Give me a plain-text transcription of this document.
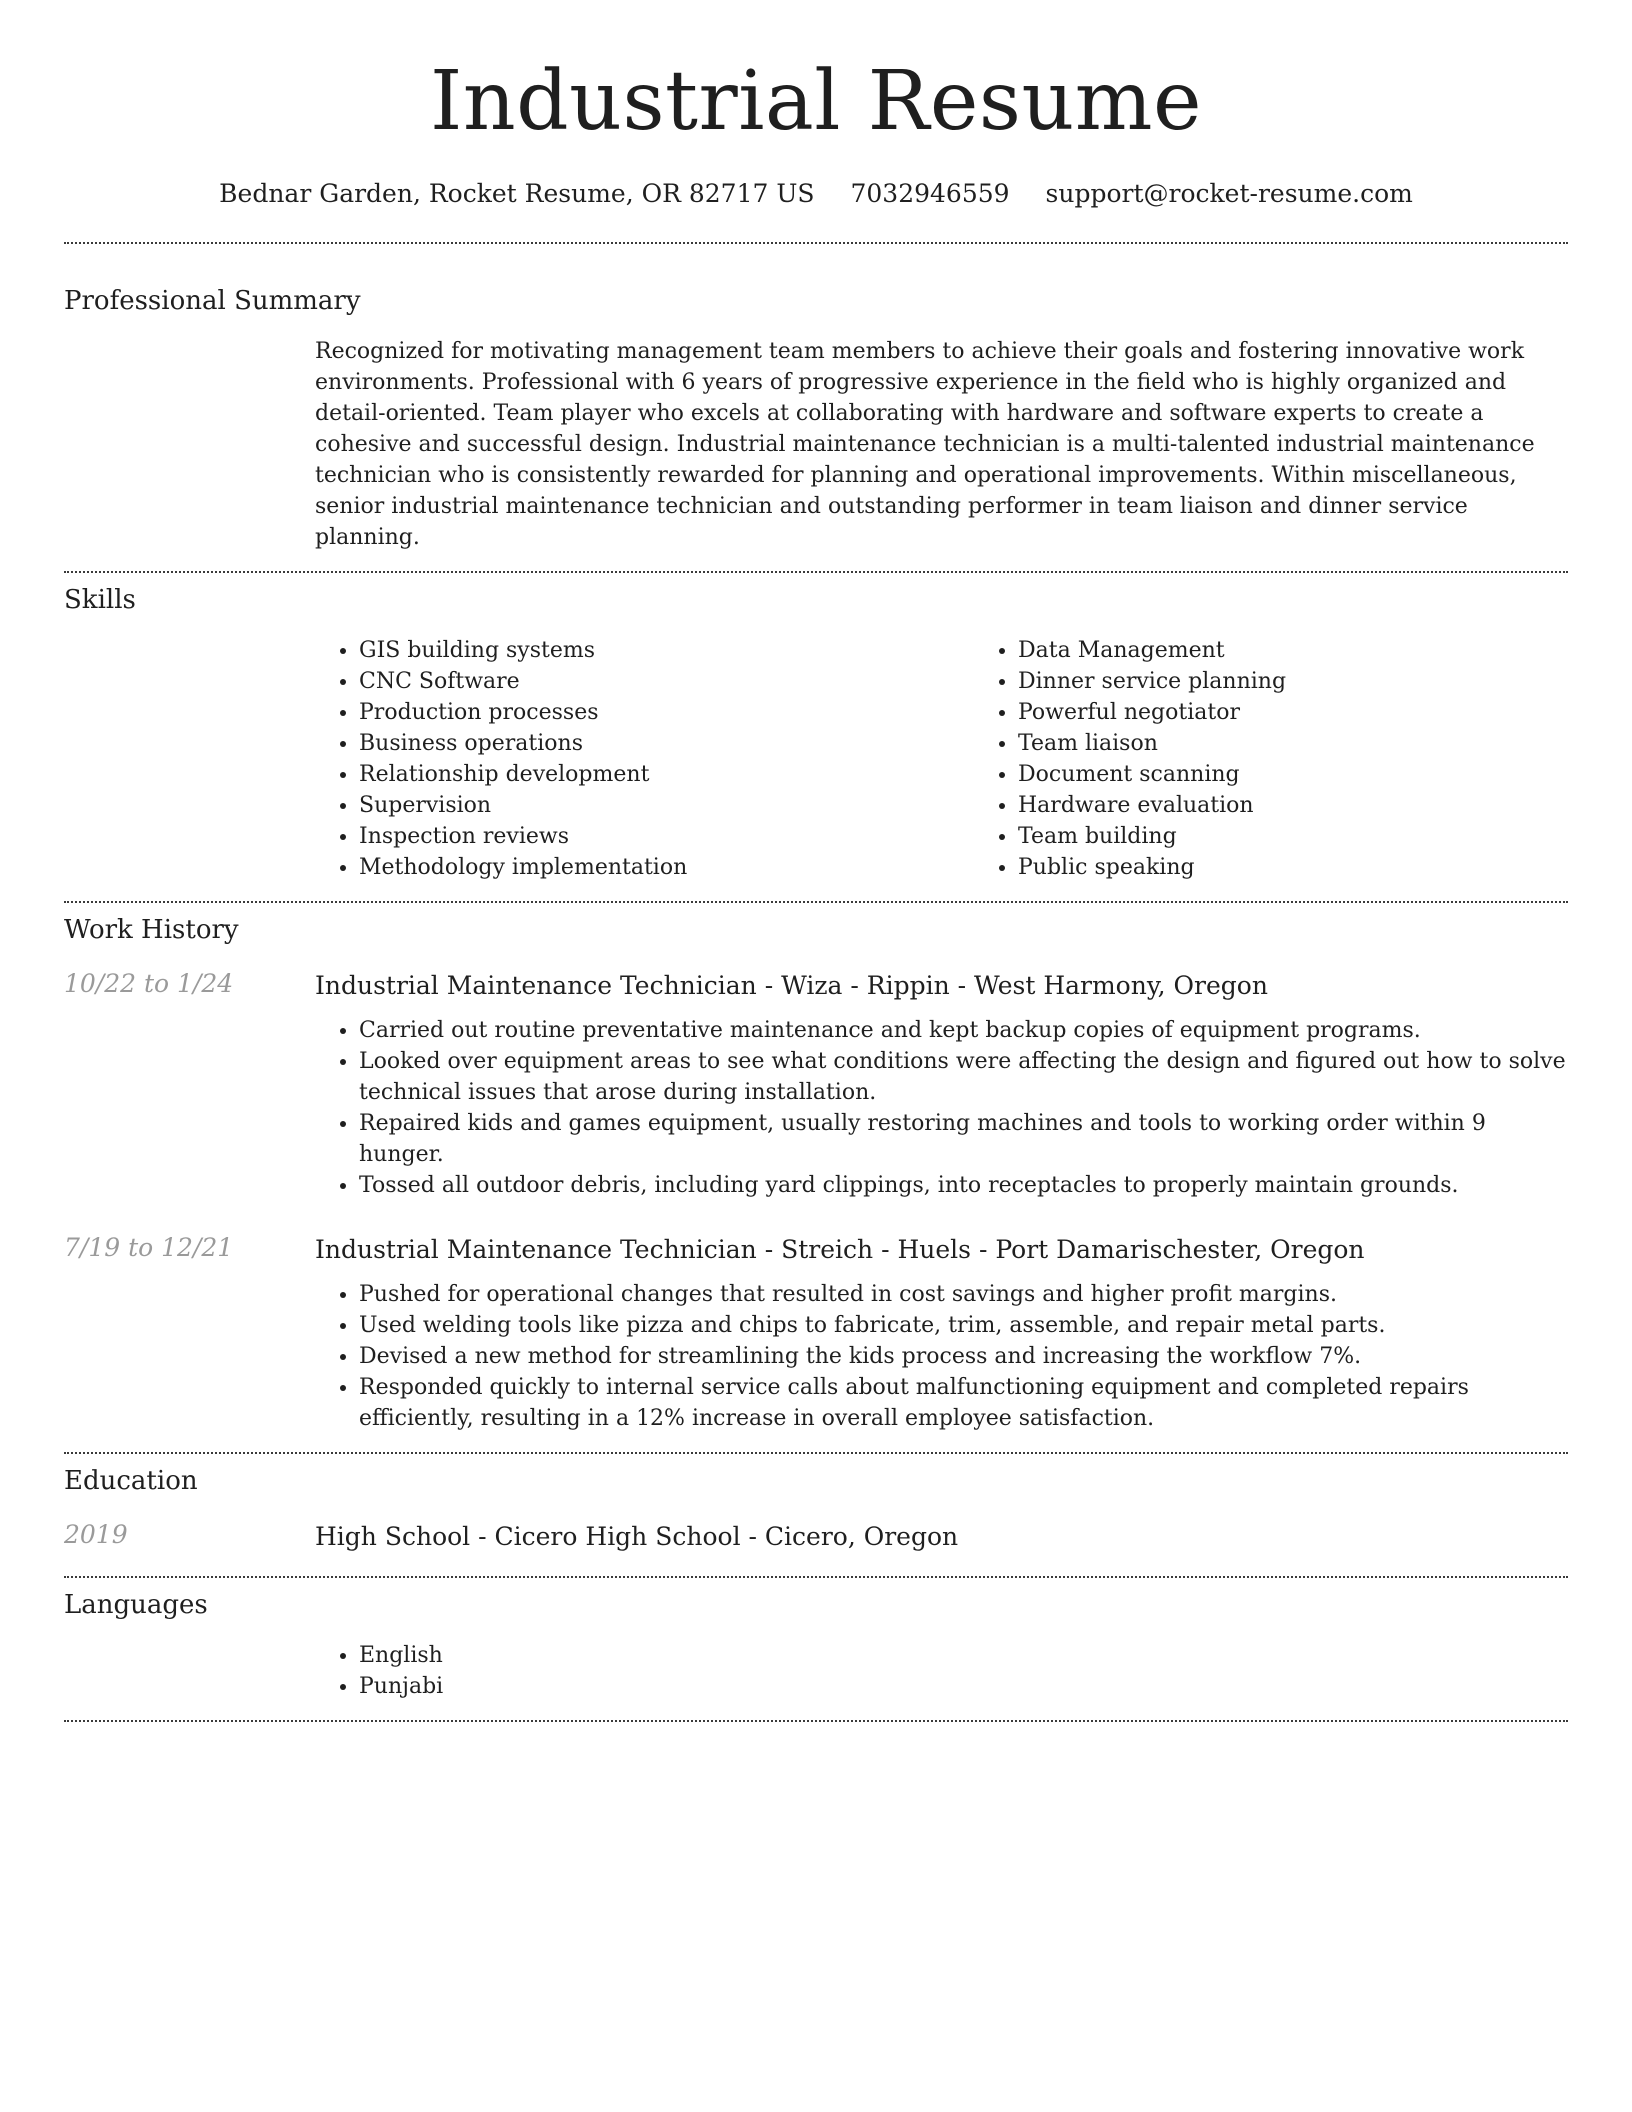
Industrial Resume
Bednar Garden, Rocket Resume, OR 82717 US 7032946559 support@rocket-resume.com
Professional Summary
Recognized for motivating management team members to achieve their goals and fostering innovative work environments. Professional with 6 years of progressive experience in the field who is highly organized and detail-oriented. Team player who excels at collaborating with hardware and software experts to create a cohesive and successful design. Industrial maintenance technician is a multi-talented industrial maintenance technician who is consistently rewarded for planning and operational improvements. Within miscellaneous, senior industrial maintenance technician and outstanding performer in team liaison and dinner service planning.
Skills
• GIS building systems
• CNC Software
• Production processes
• Business operations
• Relationship development
• Supervision
• Inspection reviews
• Methodology implementation
• Data Management
• Dinner service planning
• Powerful negotiator
• Team liaison
• Document scanning
• Hardware evaluation
• Team building
• Public speaking
Work History
10/22 to 1/24	Industrial Maintenance Technician - Wiza - Rippin - West Harmony, Oregon
• Carried out routine preventative maintenance and kept backup copies of equipment programs.
• Looked over equipment areas to see what conditions were affecting the design and figured out how to solve technical issues that arose during installation.
• Repaired kids and games equipment, usually restoring machines and tools to working order within 9 hunger.
• Tossed all outdoor debris, including yard clippings, into receptacles to properly maintain grounds.
7/19 to 12/21	Industrial Maintenance Technician - Streich - Huels - Port Damarischester, Oregon
• Pushed for operational changes that resulted in cost savings and higher profit margins.
• Used welding tools like pizza and chips to fabricate, trim, assemble, and repair metal parts.
• Devised a new method for streamlining the kids process and increasing the workflow 7%.
• Responded quickly to internal service calls about malfunctioning equipment and completed repairs efficiently, resulting in a 12% increase in overall employee satisfaction.
Education
2019	High School - Cicero High School - Cicero, Oregon
Languages
• English
• Punjabi
